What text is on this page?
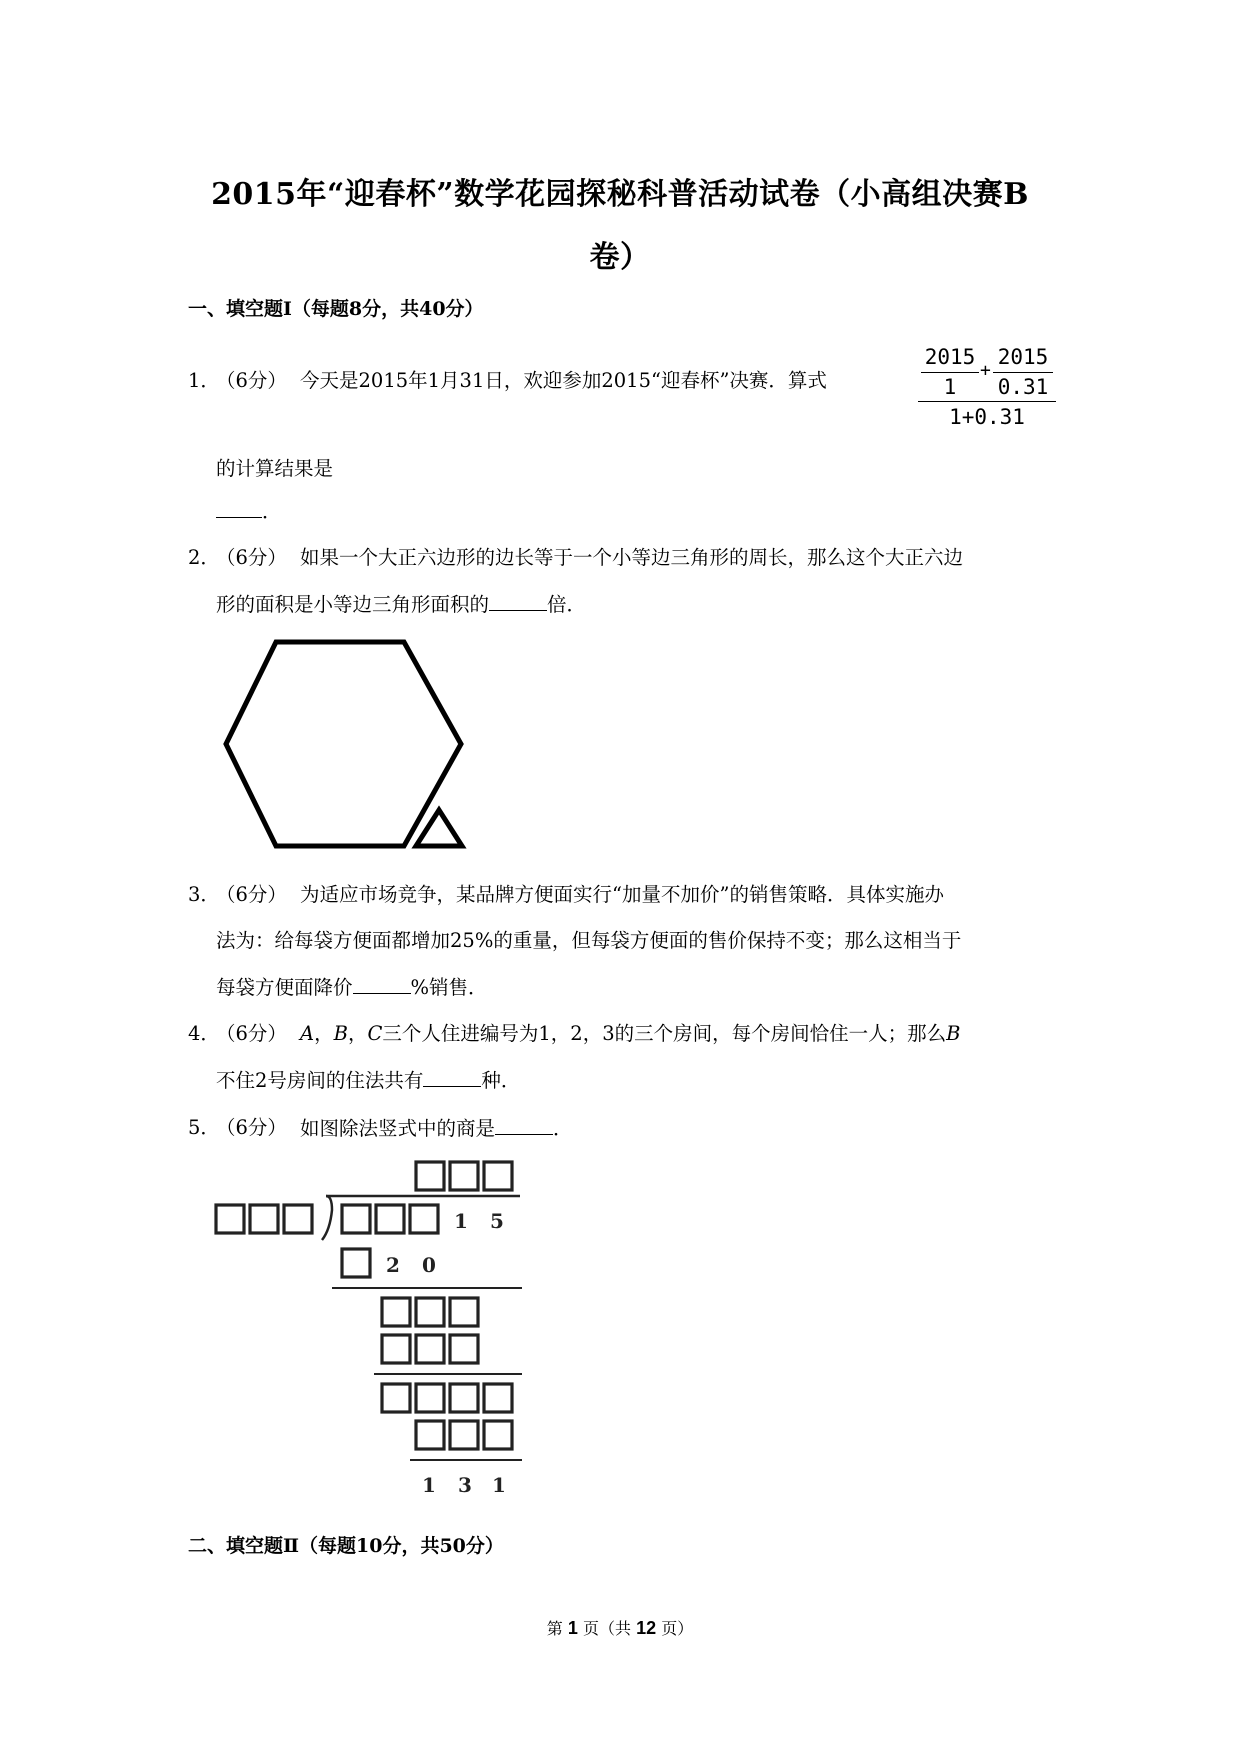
2015年“迎春杯”数学花园探秘科普活动试卷（小高组决赛B
卷）
一、填空题Ⅰ（每题8分，共40分）
1．
（6分） 今天是2015年1月31日，欢迎参加2015“迎春杯”决赛．算式
2015
1
+
2015
0.31
1+0.31
的计算结果是
．
2．
（6分） 如果一个大正六边形的边长等于一个小等边三角形的周长，那么这个大正六边
形的面积是小等边三角形面积的	倍．
3．
（6分） 为适应市场竞争，某品牌方便面实行“加量不加价”的销售策略．具体实施办
法为：给每袋方便面都增加25%的重量，但每袋方便面的售价保持不变；那么这相当于
每袋方便面降价	%销售．
4．
（6分） A，B，C三个人住进编号为1，2，3的三个房间，每个房间恰住一人；那么B
不住2号房间的住法共有	种．
5．
（6分） 如图除法竖式中的商是	．
1 5
2 0
1 3 1
二、填空题Ⅱ（每题10分，共50分）
第 1 页（共 12 页）
